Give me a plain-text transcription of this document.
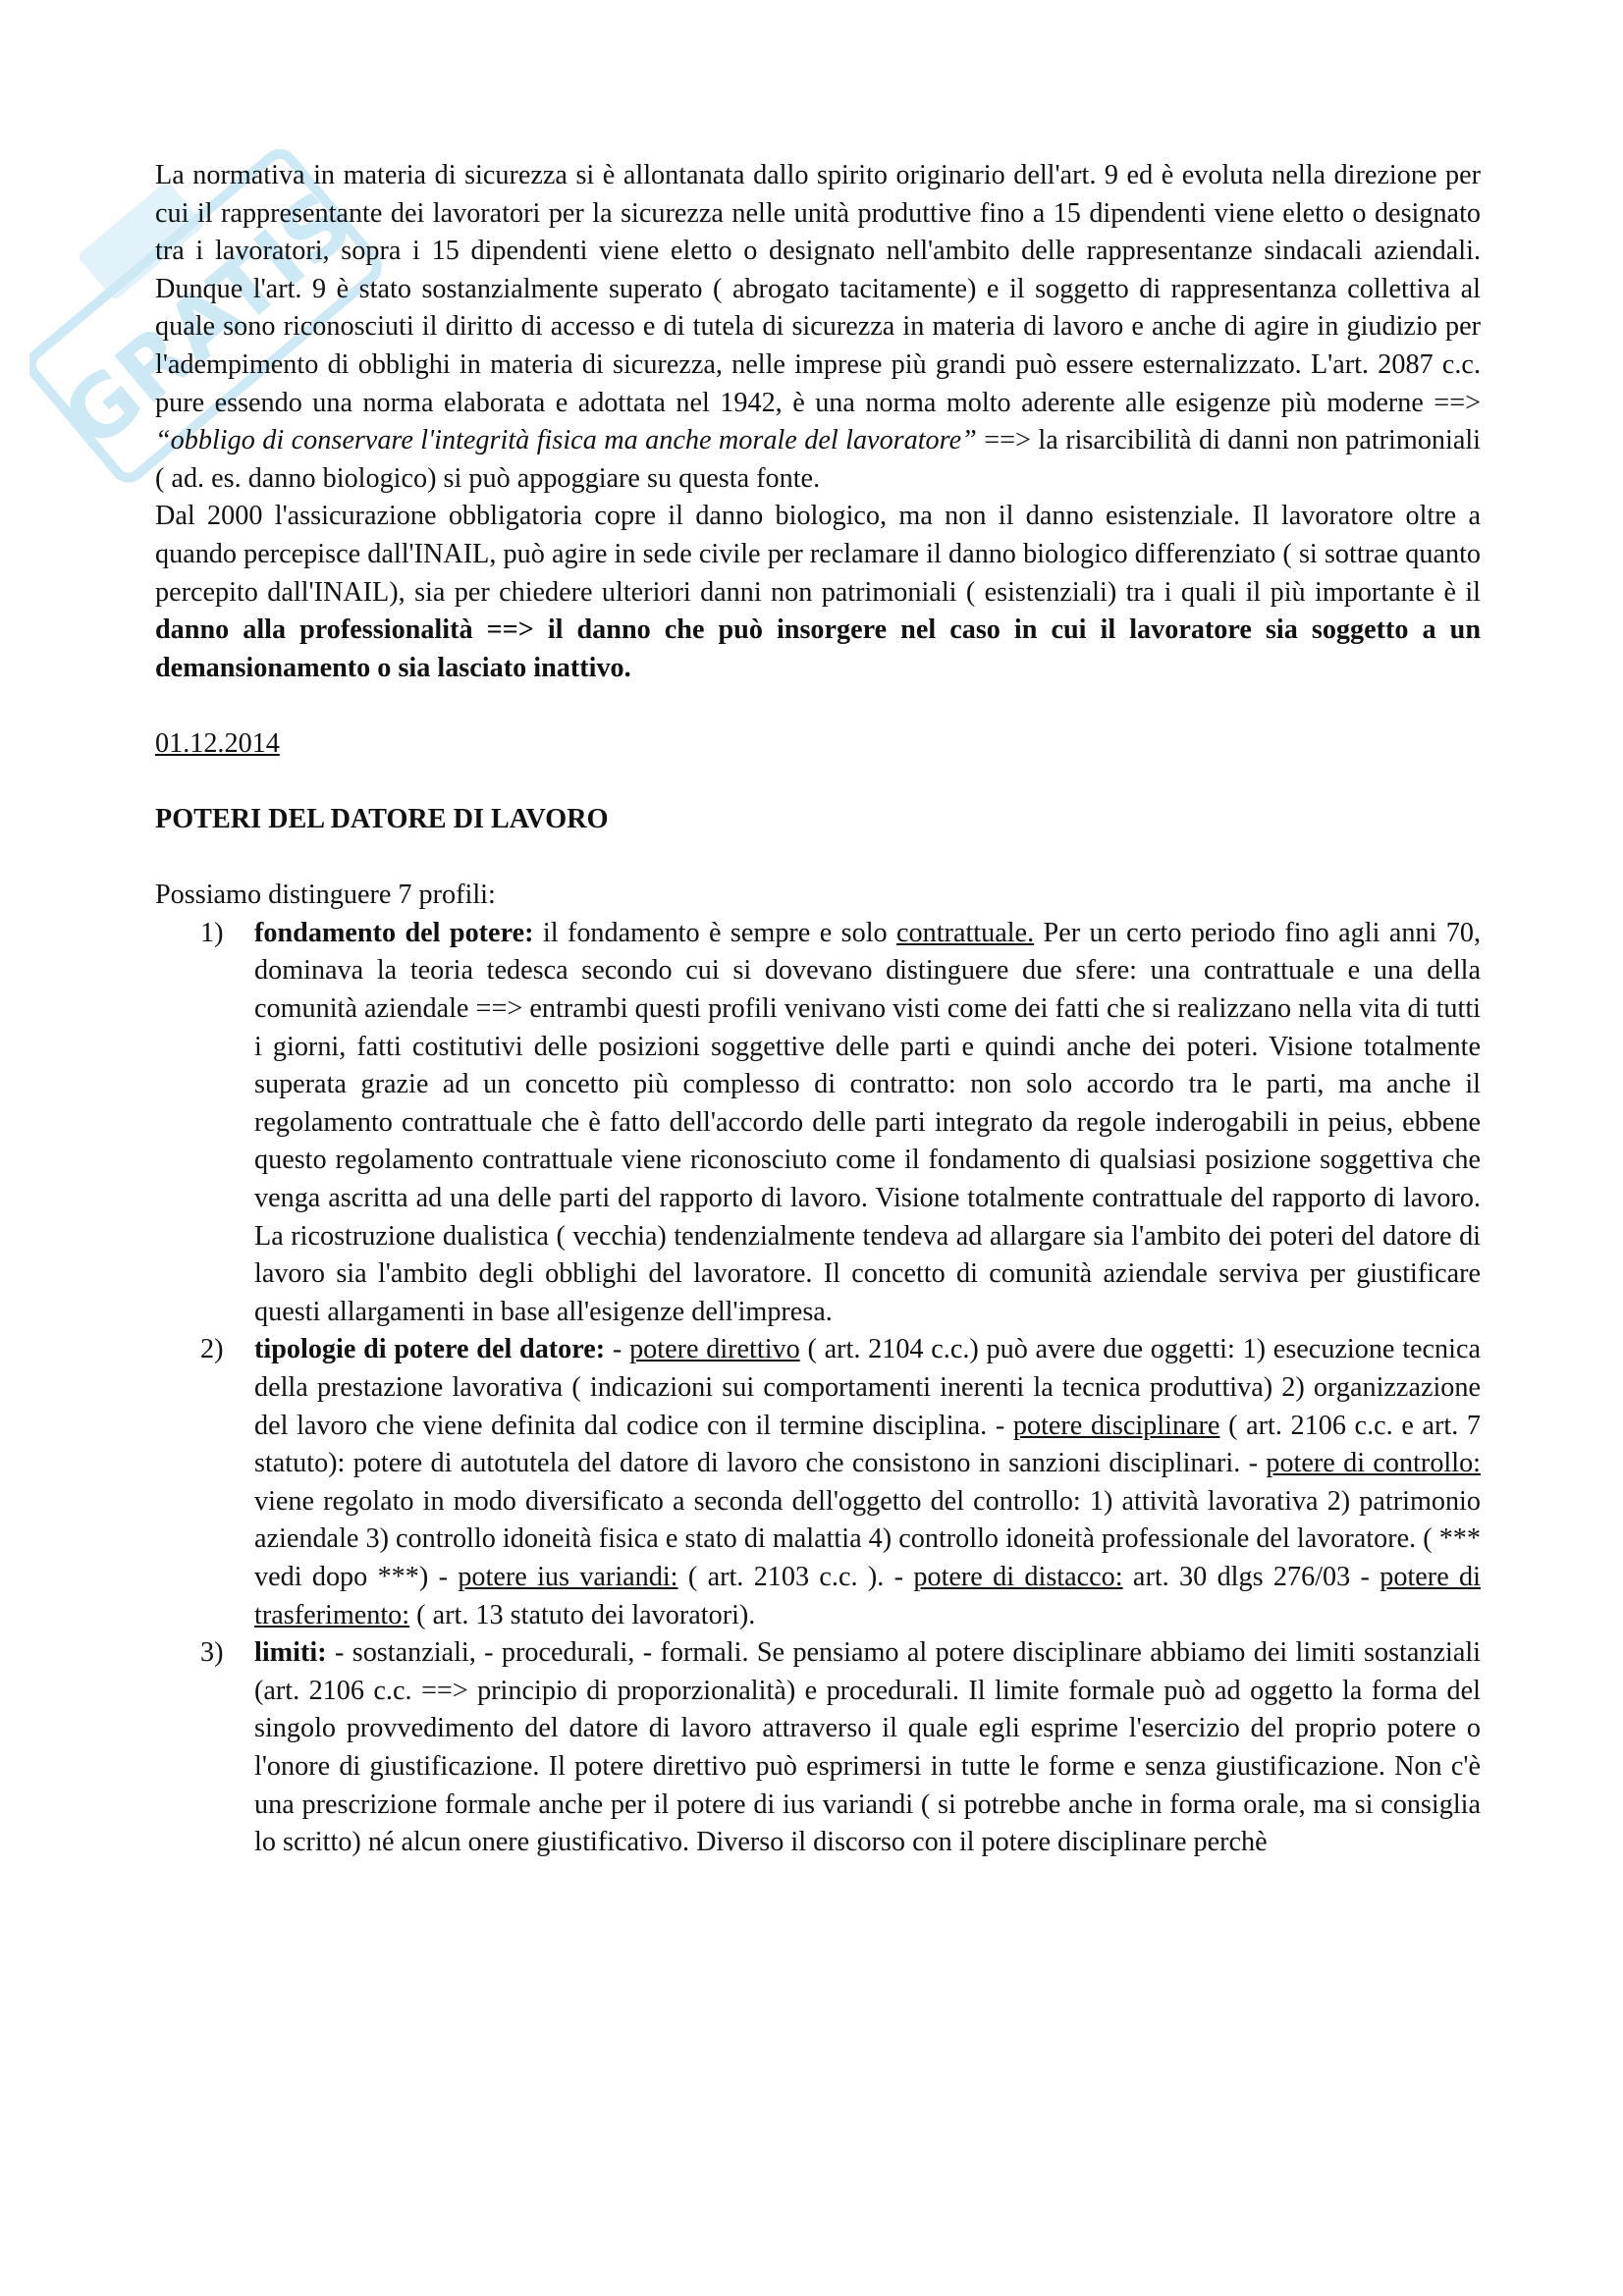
GRATIS

La normativa in materia di sicurezza si è allontanata dallo spirito originario dell'art. 9 ed è evoluta nella direzione per cui il rappresentante dei lavoratori per la sicurezza nelle unità produttive fino a 15 dipendenti viene eletto o designato tra i lavoratori, sopra i 15 dipendenti viene eletto o designato nell'ambito delle rappresentanze sindacali aziendali. Dunque l'art. 9 è stato sostanzialmente superato ( abrogato tacitamente) e il soggetto di rappresentanza collettiva al quale sono riconosciuti il diritto di accesso e di tutela di sicurezza in materia di lavoro e anche di agire in giudizio per l'adempimento di obblighi in materia di sicurezza, nelle imprese più grandi può essere esternalizzato. L'art. 2087 c.c. pure essendo una norma elaborata e adottata nel 1942, è una norma molto aderente alle esigenze più moderne ==> “obbligo di conservare l'integrità fisica ma anche morale del lavoratore” ==> la risarcibilità di danni non patrimoniali ( ad. es. danno biologico) si può appoggiare su questa fonte.

Dal 2000 l'assicurazione obbligatoria copre il danno biologico, ma non il danno esistenziale. Il lavoratore oltre a quando percepisce dall'INAIL, può agire in sede civile per reclamare il danno biologico differenziato ( si sottrae quanto percepito dall'INAIL), sia per chiedere ulteriori danni non patrimoniali ( esistenziali) tra i quali il più importante è il danno alla professionalità ==> il danno che può insorgere nel caso in cui il lavoratore sia soggetto a un demansionamento o sia lasciato inattivo.

01.12.2014

POTERI DEL DATORE DI LAVORO

Possiamo distinguere 7 profili:

1) fondamento del potere: il fondamento è sempre e solo contrattuale. Per un certo periodo fino agli anni 70, dominava la teoria tedesca secondo cui si dovevano distinguere due sfere: una contrattuale e una della comunità aziendale ==> entrambi questi profili venivano visti come dei fatti che si realizzano nella vita di tutti i giorni, fatti costitutivi delle posizioni soggettive delle parti e quindi anche dei poteri. Visione totalmente superata grazie ad un concetto più complesso di contratto: non solo accordo tra le parti, ma anche il regolamento contrattuale che è fatto dell'accordo delle parti integrato da regole inderogabili in peius, ebbene questo regolamento contrattuale viene riconosciuto come il fondamento di qualsiasi posizione soggettiva che venga ascritta ad una delle parti del rapporto di lavoro. Visione totalmente contrattuale del rapporto di lavoro. La ricostruzione dualistica ( vecchia) tendenzialmente tendeva ad allargare sia l'ambito dei poteri del datore di lavoro sia l'ambito degli obblighi del lavoratore. Il concetto di comunità aziendale serviva per giustificare questi allargamenti in base all'esigenze dell'impresa.
2) tipologie di potere del datore: - potere direttivo ( art. 2104 c.c.) può avere due oggetti: 1) esecuzione tecnica della prestazione lavorativa ( indicazioni sui comportamenti inerenti la tecnica produttiva) 2) organizzazione del lavoro che viene definita dal codice con il termine disciplina. - potere disciplinare ( art. 2106 c.c. e art. 7 statuto): potere di autotutela del datore di lavoro che consistono in sanzioni disciplinari. - potere di controllo: viene regolato in modo diversificato a seconda dell'oggetto del controllo: 1) attività lavorativa 2) patrimonio aziendale 3) controllo idoneità fisica e stato di malattia 4) controllo idoneità professionale del lavoratore. ( *** vedi dopo ***) - potere ius variandi: ( art. 2103 c.c. ). - potere di distacco: art. 30 dlgs 276/03 - potere di trasferimento: ( art. 13 statuto dei lavoratori).
3) limiti: - sostanziali, - procedurali, - formali. Se pensiamo al potere disciplinare abbiamo dei limiti sostanziali (art. 2106 c.c. ==> principio di proporzionalità) e procedurali. Il limite formale può ad oggetto la forma del singolo provvedimento del datore di lavoro attraverso il quale egli esprime l'esercizio del proprio potere o l'onore di giustificazione. Il potere direttivo può esprimersi in tutte le forme e senza giustificazione. Non c'è una prescrizione formale anche per il potere di ius variandi ( si potrebbe anche in forma orale, ma si consiglia lo scritto) né alcun onere giustificativo. Diverso il discorso con il potere disciplinare perchè
